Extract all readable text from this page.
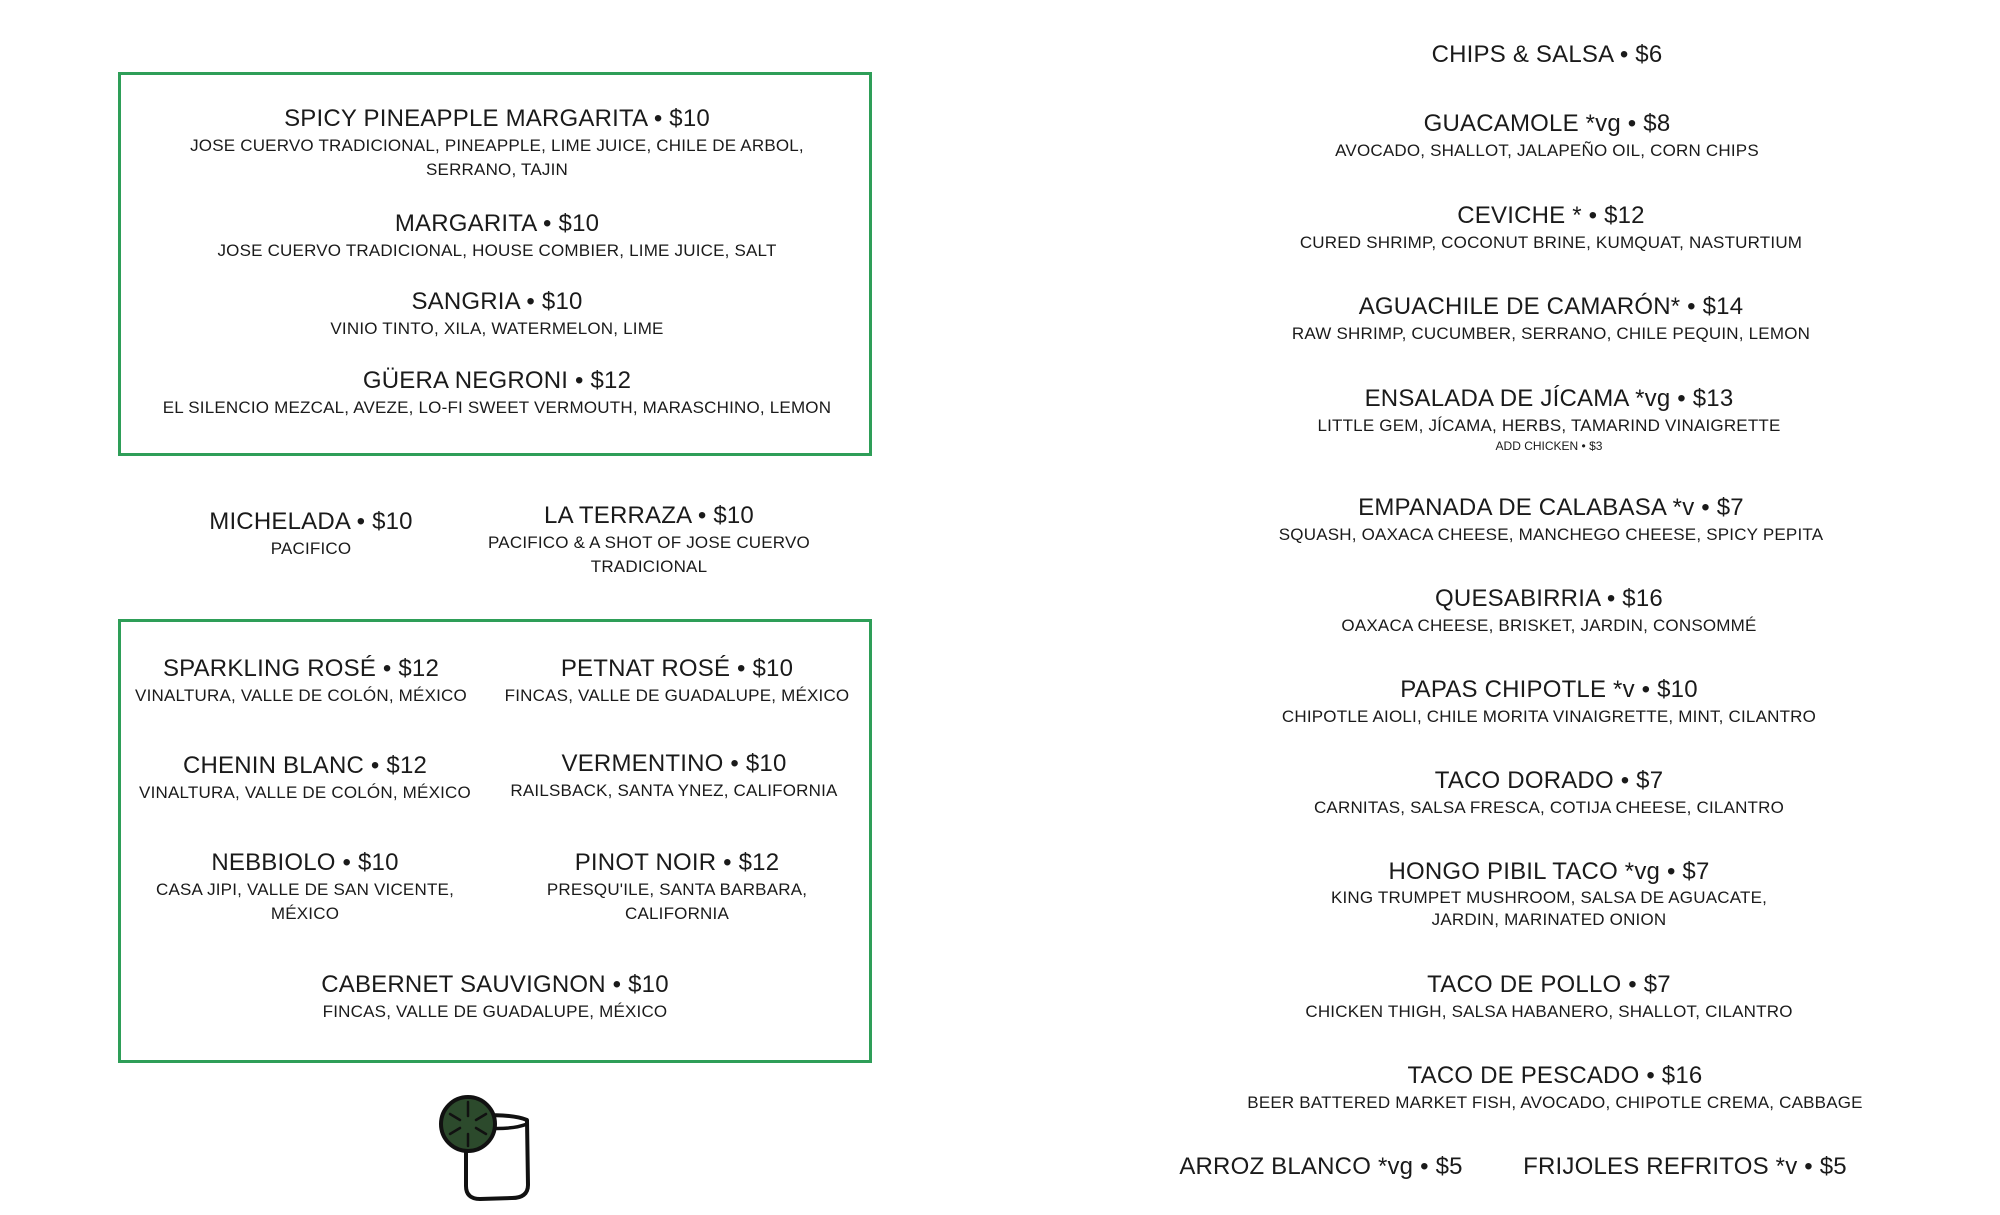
SPICY PINEAPPLE MARGARITA • $10
JOSE CUERVO TRADICIONAL, PINEAPPLE, LIME JUICE, CHILE DE ARBOL, SERRANO, TAJIN
MARGARITA • $10
JOSE CUERVO TRADICIONAL, HOUSE COMBIER, LIME JUICE, SALT
SANGRIA • $10
VINIO TINTO, XILA, WATERMELON, LIME
GÜERA NEGRONI • $12
EL SILENCIO MEZCAL, AVEZE, LO-FI SWEET VERMOUTH, MARASCHINO, LEMON
MICHELADA • $10
PACIFICO
LA TERRAZA • $10
PACIFICO & A SHOT OF JOSE CUERVO TRADICIONAL
SPARKLING ROSÉ • $12
VINALTURA, VALLE DE COLÓN, MÉXICO
PETNAT ROSÉ • $10
FINCAS, VALLE DE GUADALUPE, MÉXICO
CHENIN BLANC • $12
VINALTURA, VALLE DE COLÓN, MÉXICO
VERMENTINO • $10
RAILSBACK, SANTA YNEZ, CALIFORNIA
NEBBIOLO • $10
CASA JIPI, VALLE DE SAN VICENTE, MÉXICO
PINOT NOIR • $12
PRESQU'ILE, SANTA BARBARA, CALIFORNIA
CABERNET SAUVIGNON • $10
FINCAS, VALLE DE GUADALUPE, MÉXICO
CHIPS & SALSA • $6
GUACAMOLE *vg • $8
AVOCADO, SHALLOT, JALAPEÑO OIL, CORN CHIPS
CEVICHE * • $12
CURED SHRIMP, COCONUT BRINE, KUMQUAT, NASTURTIUM
AGUACHILE DE CAMARÓN* • $14
RAW SHRIMP, CUCUMBER, SERRANO, CHILE PEQUIN, LEMON
ENSALADA DE JÍCAMA *vg • $13
LITTLE GEM, JÍCAMA, HERBS, TAMARIND VINAIGRETTE
ADD CHICKEN • $3
EMPANADA DE CALABASA *v • $7
SQUASH, OAXACA CHEESE, MANCHEGO CHEESE, SPICY PEPITA
QUESABIRRIA • $16
OAXACA CHEESE, BRISKET, JARDIN, CONSOMMÉ
PAPAS CHIPOTLE *v • $10
CHIPOTLE AIOLI, CHILE MORITA VINAIGRETTE, MINT, CILANTRO
TACO DORADO • $7
CARNITAS, SALSA FRESCA, COTIJA CHEESE, CILANTRO
HONGO PIBIL TACO *vg • $7
KING TRUMPET MUSHROOM, SALSA DE AGUACATE, JARDIN, MARINATED ONION
TACO DE POLLO • $7
CHICKEN THIGH, SALSA HABANERO, SHALLOT, CILANTRO
TACO DE PESCADO • $16
BEER BATTERED MARKET FISH, AVOCADO, CHIPOTLE CREMA, CABBAGE
ARROZ BLANCO *vg • $5	FRIJOLES REFRITOS *v • $5
